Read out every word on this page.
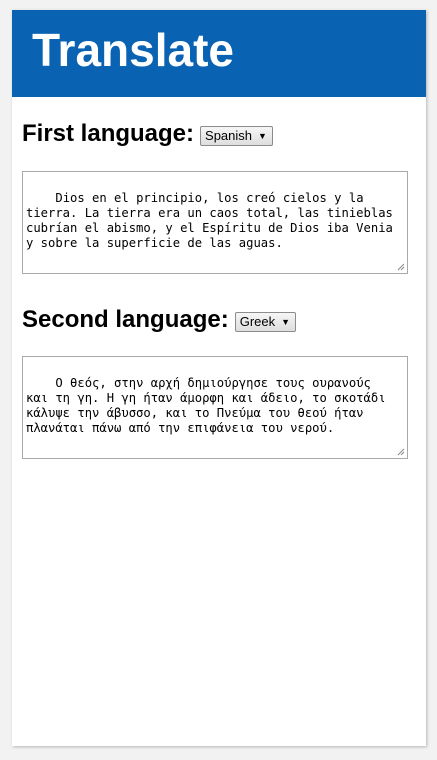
Translate
First language: Spanish ▼

Dios en el principio, los creó cielos y la tierra. La tierra era un caos total, las tinieblas cubrían el abismo, y el Espíritu de Dios iba Venia y sobre la superficie de las aguas.

Second language: Greek ▼

Ο θεός, στην αρχή δημιούργησε τους ουρανούς και τη γη. Η γη ήταν άμορφη και άδειο, το σκοτάδι κάλυψε την άβυσσο, και το Πνεύμα του θεού ήταν πλανάται πάνω από την επιφάνεια του νερού.
